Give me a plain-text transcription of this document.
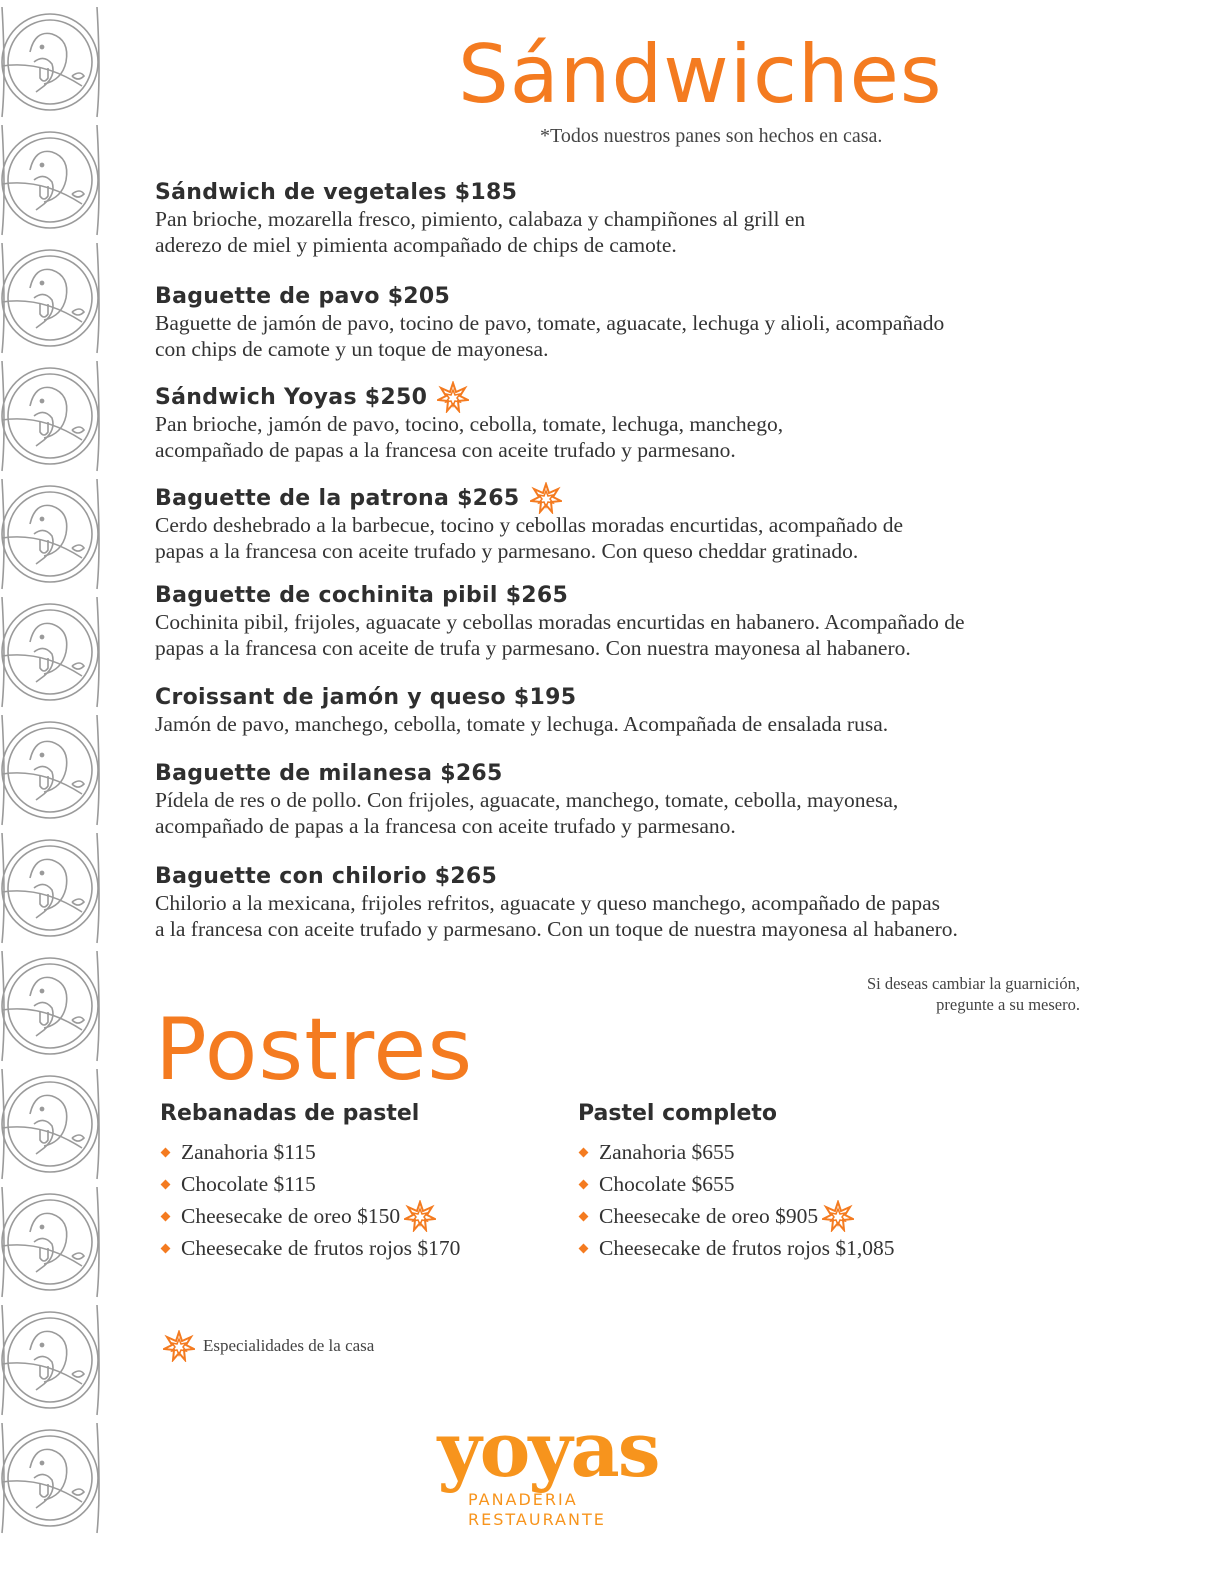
Sándwiches
*Todos nuestros panes son hechos en casa.
Sándwich de vegetales $185
Pan brioche, mozarella fresco, pimiento, calabaza y champiñones al grill en
aderezo de miel y pimienta acompañado de chips de camote.
Baguette de pavo $205
Baguette de jamón de pavo, tocino de pavo, tomate, aguacate, lechuga y alioli, acompañado
con chips de camote y un toque de mayonesa.
Sándwich Yoyas $250
Pan brioche, jamón de pavo, tocino, cebolla, tomate, lechuga, manchego,
acompañado de papas a la francesa con aceite trufado y parmesano.
Baguette de la patrona $265
Cerdo deshebrado a la barbecue, tocino y cebollas moradas encurtidas, acompañado de
papas a la francesa con aceite trufado y parmesano. Con queso cheddar gratinado.
Baguette de cochinita pibil $265
Cochinita pibil, frijoles, aguacate y cebollas moradas encurtidas en habanero. Acompañado de
papas a la francesa con aceite de trufa y parmesano. Con nuestra mayonesa al habanero.
Croissant de jamón y queso $195
Jamón de pavo, manchego, cebolla, tomate y lechuga. Acompañada de ensalada rusa.
Baguette de milanesa $265
Pídela de res o de pollo. Con frijoles, aguacate, manchego, tomate, cebolla, mayonesa,
acompañado de papas a la francesa con aceite trufado y parmesano.
Baguette con chilorio $265
Chilorio a la mexicana, frijoles refritos, aguacate y queso manchego, acompañado de papas
a la francesa con aceite trufado y parmesano. Con un toque de nuestra mayonesa al habanero.
Si deseas cambiar la guarnición,
pregunte a su mesero.
Postres
Rebanadas de pastel
Zanahoria $115
Chocolate $115
Cheesecake de oreo $150
Cheesecake de frutos rojos $170
Pastel completo
Zanahoria $655
Chocolate $655
Cheesecake de oreo $905
Cheesecake de frutos rojos $1,085
Especialidades de la casa
yoyas
PANADERIA
RESTAURANTE
